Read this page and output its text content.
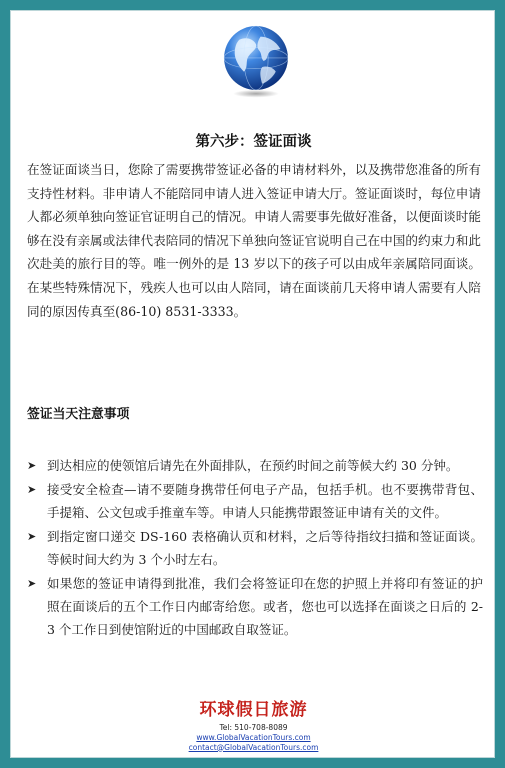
第六步：签证面谈
在签证面谈当日，您除了需要携带签证必备的申请材料外，以及携带您准备的所有支持性材料。非申请人不能陪同申请人进入签证申请大厅。签证面谈时，每位申请人都必须单独向签证官证明自己的情况。申请人需要事先做好准备，以便面谈时能够在没有亲属或法律代表陪同的情况下单独向签证官说明自己在中国的约束力和此次赴美的旅行目的等。唯一例外的是 13 岁以下的孩子可以由成年亲属陪同面谈。在某些特殊情况下，残疾人也可以由人陪同，请在面谈前几天将申请人需要有人陪同的原因传真至(86-10) 8531-3333。
签证当天注意事项
➤ 到达相应的使领馆后请先在外面排队，在预约时间之前等候大约 30 分钟。
➤ 接受安全检查—请不要随身携带任何电子产品，包括手机。也不要携带背包、手提箱、公文包或手推童车等。申请人只能携带跟签证申请有关的文件。
➤ 到指定窗口递交 DS-160 表格确认页和材料，之后等待指纹扫描和签证面谈。等候时间大约为 3 个小时左右。
➤ 如果您的签证申请得到批准，我们会将签证印在您的护照上并将印有签证的护照在面谈后的五个工作日内邮寄给您。或者，您也可以选择在面谈之日后的 2-3 个工作日到使馆附近的中国邮政自取签证。
环球假日旅游
Tel: 510-708-8089
www.GlobalVacationTours.com
contact@GlobalVacationTours.com
